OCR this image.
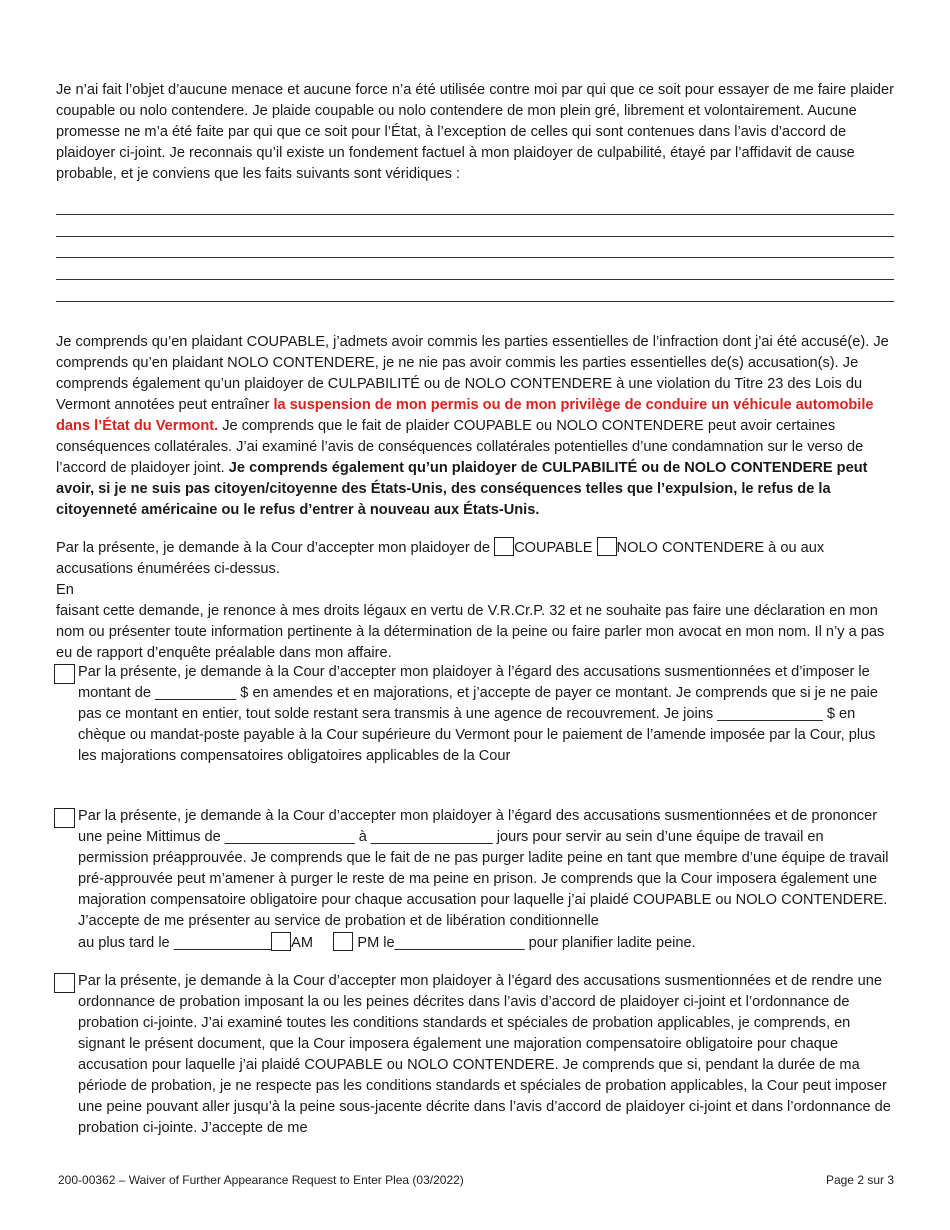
Je n’ai fait l’objet d’aucune menace et aucune force n’a été utilisée contre moi par qui que ce soit pour essayer de me faire plaider coupable ou nolo contendere. Je plaide coupable ou nolo contendere de mon plein gré, librement et volontairement. Aucune promesse ne m’a été faite par qui que ce soit pour l’État, à l’exception de celles qui sont contenues dans l’avis d’accord de plaidoyer ci-joint. Je reconnais qu’il existe un fondement factuel à mon plaidoyer de culpabilité, étayé par l’affidavit de cause probable, et je conviens que les faits suivants sont véridiques :

Je comprends qu’en plaidant COUPABLE, j’admets avoir commis les parties essentielles de l’infraction dont j’ai été accusé(e). Je comprends qu’en plaidant NOLO CONTENDERE, je ne nie pas avoir commis les parties essentielles de(s) accusation(s). Je comprends également qu’un plaidoyer de CULPABILITÉ ou de NOLO CONTENDERE à une violation du Titre 23 des Lois du Vermont annotées peut entraîner la suspension de mon permis ou de mon privilège de conduire un véhicule automobile dans l’État du Vermont. Je comprends que le fait de plaider COUPABLE ou NOLO CONTENDERE peut avoir certaines conséquences collatérales. J’ai examiné l’avis de conséquences collatérales potentielles d’une condamnation sur le verso de l’accord de plaidoyer joint. Je comprends également qu’un plaidoyer de CULPABILITÉ ou de NOLO CONTENDERE peut avoir, si je ne suis pas citoyen/citoyenne des États-Unis, des conséquences telles que l’expulsion, le refus de la citoyenneté américaine ou le refus d’entrer à nouveau aux États-Unis.

Par la présente, je demande à la Cour d’accepter mon plaidoyer de COUPABLE NOLO CONTENDERE à ou aux

accusations énumérées ci-dessus.

En

faisant cette demande, je renonce à mes droits légaux en vertu de V.R.Cr.P. 32 et ne souhaite pas faire une déclaration en mon nom ou présenter toute information pertinente à la détermination de la peine ou faire parler mon avocat en mon nom. Il n’y a pas eu de rapport d’enquête préalable dans mon affaire.

Par la présente, je demande à la Cour d’accepter mon plaidoyer à l’égard des accusations susmentionnées et d’imposer le montant de __________ $ en amendes et en majorations, et j’accepte de payer ce montant. Je comprends que si je ne paie pas ce montant en entier, tout solde restant sera transmis à une agence de recouvrement. Je joins _____________ $ en chèque ou mandat-poste payable à la Cour supérieure du Vermont pour le paiement de l’amende imposée par la Cour, plus les majorations compensatoires obligatoires applicables de la Cour

Par la présente, je demande à la Cour d’accepter mon plaidoyer à l’égard des accusations susmentionnées et de prononcer une peine Mittimus de ________________ à _______________ jours pour servir au sein d’une équipe de travail en permission préapprouvée. Je comprends que le fait de ne pas purger ladite peine en tant que membre d’une équipe de travail pré-approuvée peut m’amener à purger le reste de ma peine en prison. Je comprends que la Cour imposera également une majoration compensatoire obligatoire pour chaque accusation pour laquelle j’ai plaidé COUPABLE ou NOLO CONTENDERE. J’accepte de me présenter au service de probation et de libération conditionnelle

au plus tard le ____________ AM	PM le________________ pour planifier ladite peine.

Par la présente, je demande à la Cour d’accepter mon plaidoyer à l’égard des accusations susmentionnées et de rendre une ordonnance de probation imposant la ou les peines décrites dans l’avis d’accord de plaidoyer ci-joint et l’ordonnance de probation ci-jointe. J’ai examiné toutes les conditions standards et spéciales de probation applicables, je comprends, en signant le présent document, que la Cour imposera également une majoration compensatoire obligatoire pour chaque accusation pour laquelle j’ai plaidé COUPABLE ou NOLO CONTENDERE. Je comprends que si, pendant la durée de ma période de probation, je ne respecte pas les conditions standards et spéciales de probation applicables, la Cour peut imposer une peine pouvant aller jusqu’à la peine sous-jacente décrite dans l’avis d’accord de plaidoyer ci-joint et dans l’ordonnance de probation ci-jointe. J’accepte de me

200-00362 – Waiver of Further Appearance Request to Enter Plea (03/2022)	Page 2 sur 3
